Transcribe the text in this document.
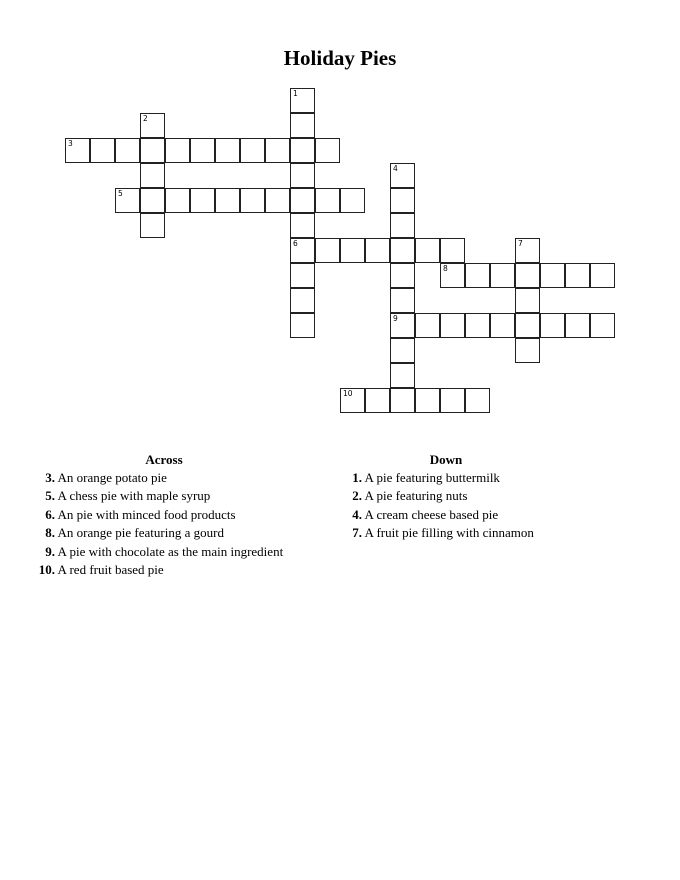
Holiday Pies
1
6
2
3
4
9
5
7
8
10
Across	Down
3. An orange potato pie
5. A chess pie with maple syrup
6. An pie with minced food products
8. An orange pie featuring a gourd
9. A pie with chocolate as the main ingredient
10. A red fruit based pie
1. A pie featuring buttermilk
2. A pie featuring nuts
4. A cream cheese based pie
7. A fruit pie filling with cinnamon
